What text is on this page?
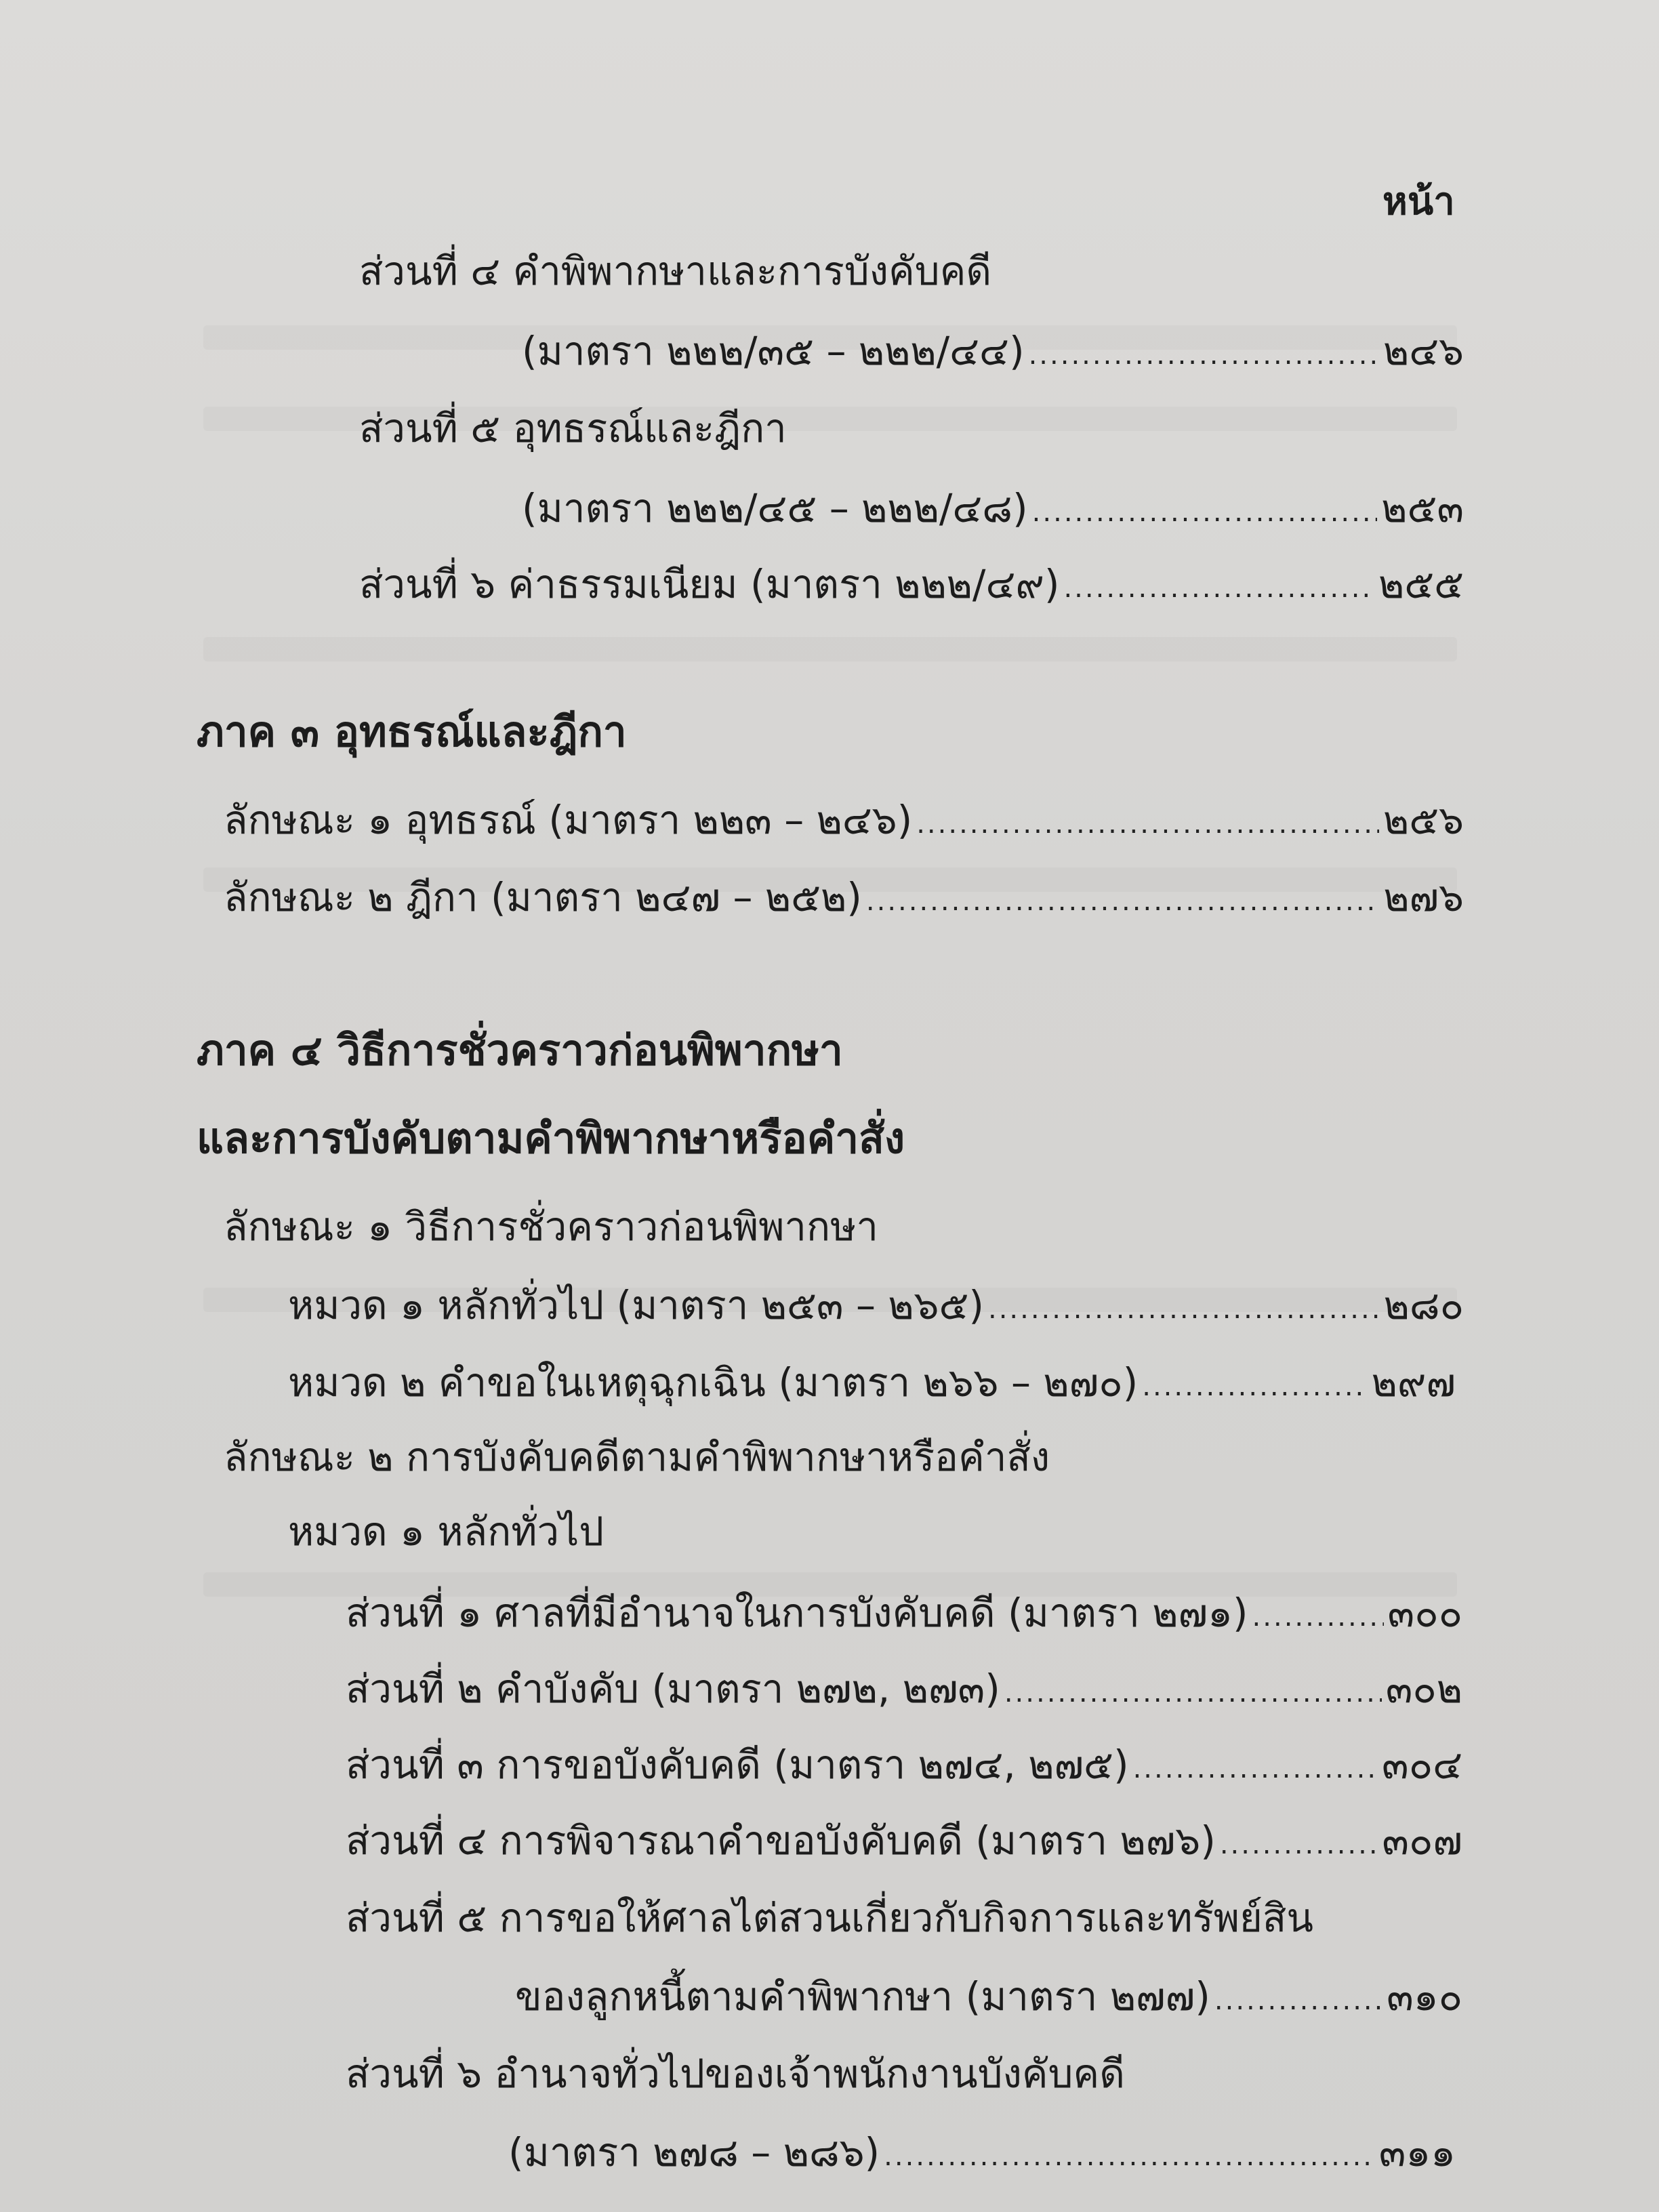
หน้า
ส่วนที่ ๔ คำพิพากษาและการบังคับคดี
(มาตรา ๒๒๒/๓๕ – ๒๒๒/๔๔) .....	๒๔๖
ส่วนที่ ๕ อุทธรณ์และฎีกา
(มาตรา ๒๒๒/๔๕ – ๒๒๒/๔๘) .....	๒๕๓
ส่วนที่ ๖ ค่าธรรมเนียม (มาตรา ๒๒๒/๔๙) .....	๒๕๕
ภาค ๓ อุทธรณ์และฎีกา
ลักษณะ ๑ อุทธรณ์ (มาตรา ๒๒๓ – ๒๔๖) .....	๒๕๖
ลักษณะ ๒ ฎีกา (มาตรา ๒๔๗ – ๒๕๒) .....	๒๗๖
ภาค ๔ วิธีการชั่วคราวก่อนพิพากษา
และการบังคับตามคำพิพากษาหรือคำสั่ง
ลักษณะ ๑ วิธีการชั่วคราวก่อนพิพากษา
หมวด ๑ หลักทั่วไป (มาตรา ๒๕๓ – ๒๖๕) .....	๒๘๐
หมวด ๒ คำขอในเหตุฉุกเฉิน (มาตรา ๒๖๖ – ๒๗๐) .....	๒๙๗
ลักษณะ ๒ การบังคับคดีตามคำพิพากษาหรือคำสั่ง
หมวด ๑ หลักทั่วไป
ส่วนที่ ๑ ศาลที่มีอำนาจในการบังคับคดี (มาตรา ๒๗๑) .....	๓๐๐
ส่วนที่ ๒ คำบังคับ (มาตรา ๒๗๒, ๒๗๓) .....	๓๐๒
ส่วนที่ ๓ การขอบังคับคดี (มาตรา ๒๗๔, ๒๗๕) .....	๓๐๔
ส่วนที่ ๔ การพิจารณาคำขอบังคับคดี (มาตรา ๒๗๖) .....	๓๐๗
ส่วนที่ ๕ การขอให้ศาลไต่สวนเกี่ยวกับกิจการและทรัพย์สิน
ของลูกหนี้ตามคำพิพากษา (มาตรา ๒๗๗) .....	๓๑๐
ส่วนที่ ๖ อำนาจทั่วไปของเจ้าพนักงานบังคับคดี
(มาตรา ๒๗๘ – ๒๘๖) .....	๓๑๑
